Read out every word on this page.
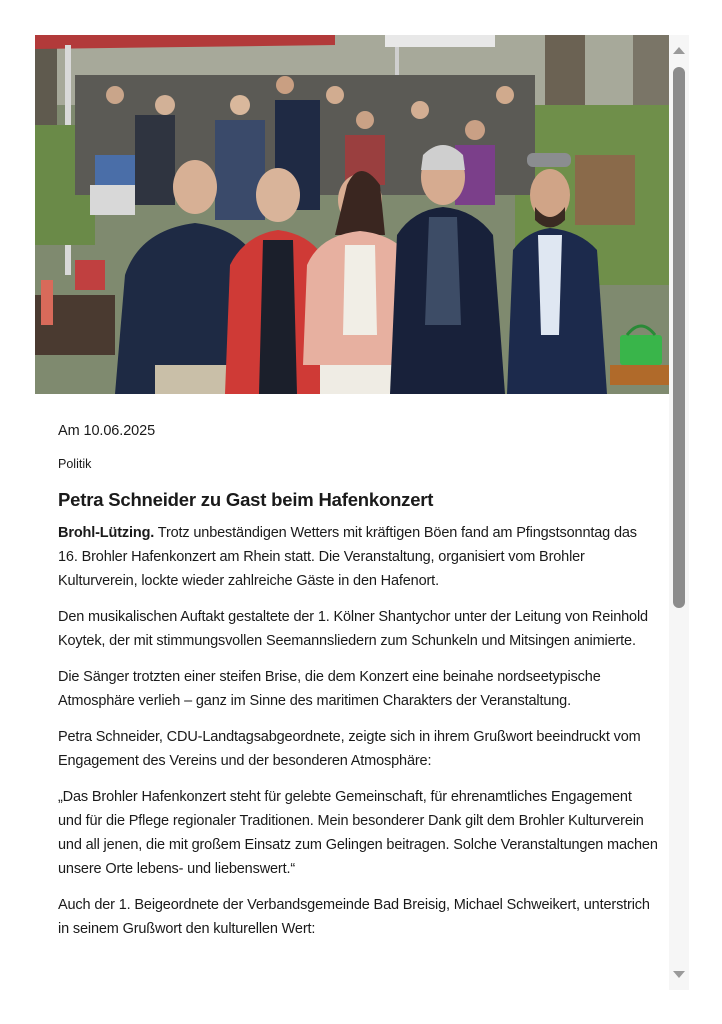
Am 10.06.2025
Politik
Petra Schneider zu Gast beim Hafenkonzert

Brohl-Lützing. Trotz unbeständigen Wetters mit kräftigen Böen fand am Pfingstsonntag das 16. Brohler Hafenkonzert am Rhein statt. Die Veranstaltung, organisiert vom Brohler Kulturverein, lockte wieder zahlreiche Gäste in den Hafenort.

Den musikalischen Auftakt gestaltete der 1. Kölner Shantychor unter der Leitung von Reinhold Koytek, der mit stimmungsvollen Seemannsliedern zum Schunkeln und Mitsingen animierte.

Die Sänger trotzten einer steifen Brise, die dem Konzert eine beinahe nordseetypische Atmosphäre verlieh – ganz im Sinne des maritimen Charakters der Veranstaltung.

Petra Schneider, CDU-Landtagsabgeordnete, zeigte sich in ihrem Grußwort beeindruckt vom Engagement des Vereins und der besonderen Atmosphäre:

„Das Brohler Hafenkonzert steht für gelebte Gemeinschaft, für ehrenamtliches Engagement und für die Pflege regionaler Traditionen. Mein besonderer Dank gilt dem Brohler Kulturverein und all jenen, die mit großem Einsatz zum Gelingen beitragen. Solche Veranstaltungen machen unsere Orte lebens- und liebenswert.“

Auch der 1. Beigeordnete der Verbandsgemeinde Bad Breisig, Michael Schweikert, unterstrich in seinem Grußwort den kulturellen Wert:
